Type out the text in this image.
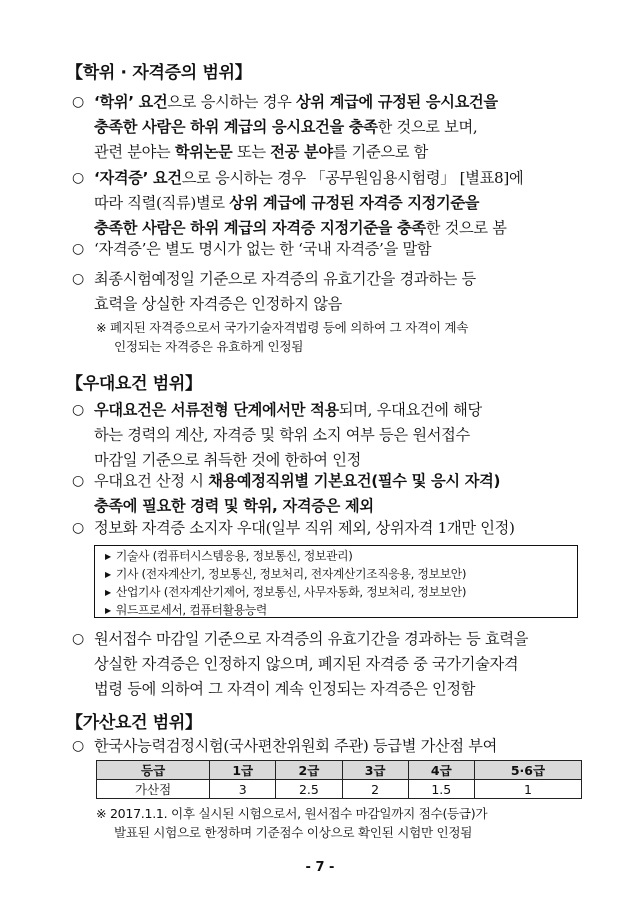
【학위 · 자격증의 범위】
○ ‘학위’ 요건으로 응시하는 경우 상위 계급에 규정된 응시요건을
충족한 사람은 하위 계급의 응시요건을 충족한 것으로 보며,
관련 분야는 학위논문 또는 전공 분야를 기준으로 함
○ ‘자격증’ 요건으로 응시하는 경우 「공무원임용시험령」 [별표8]에
따라 직렬(직류)별로 상위 계급에 규정된 자격증 지정기준을
충족한 사람은 하위 계급의 자격증 지정기준을 충족한 것으로 봄
○ ‘자격증’은 별도 명시가 없는 한 ‘국내 자격증’을 말함
○ 최종시험예정일 기준으로 자격증의 유효기간을 경과하는 등
효력을 상실한 자격증은 인정하지 않음
※ 폐지된 자격증으로서 국가기술자격법령 등에 의하여 그 자격이 계속
인정되는 자격증은 유효하게 인정됨
【우대요건 범위】
○ 우대요건은 서류전형 단계에서만 적용되며, 우대요건에 해당
하는 경력의 계산, 자격증 및 학위 소지 여부 등은 원서접수
마감일 기준으로 취득한 것에 한하여 인정
○ 우대요건 산정 시 채용예정직위별 기본요건(필수 및 응시 자격)
충족에 필요한 경력 및 학위, 자격증은 제외
○ 정보화 자격증 소지자 우대(일부 직위 제외, 상위자격 1개만 인정)
▶ 기술사 (컴퓨터시스템응용, 정보통신, 정보관리)
▶ 기사 (전자계산기, 정보통신, 정보처리, 전자계산기조직응용, 정보보안)
▶ 산업기사 (전자계산기제어, 정보통신, 사무자동화, 정보처리, 정보보안)
▶ 워드프로세서, 컴퓨터활용능력
○ 원서접수 마감일 기준으로 자격증의 유효기간을 경과하는 등 효력을
상실한 자격증은 인정하지 않으며, 폐지된 자격증 중 국가기술자격
법령 등에 의하여 그 자격이 계속 인정되는 자격증은 인정함
【가산요건 범위】
○ 한국사능력검정시험(국사편찬위원회 주관) 등급별 가산점 부여
등급	1급	2급	3급	4급	5·6급
가산점	3	2.5	2	1.5	1
※ 2017.1.1. 이후 실시된 시험으로서, 원서접수 마감일까지 점수(등급)가
발표된 시험으로 한정하며 기준점수 이상으로 확인된 시험만 인정됨
- 7 -
